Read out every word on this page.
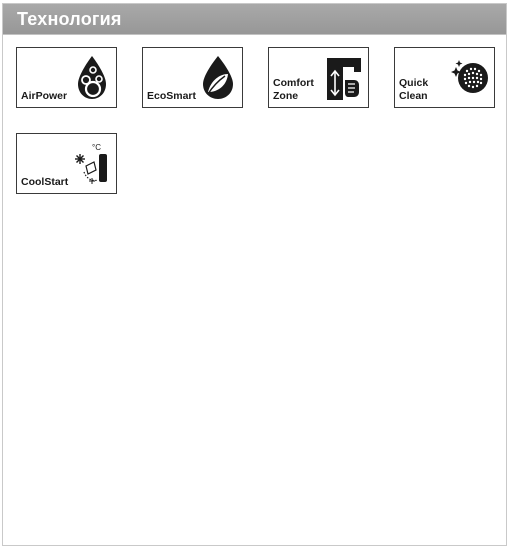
Технология
AirPower	EcoSmart
Comfort
Zone
Quick
Clean
°C
CoolStart
